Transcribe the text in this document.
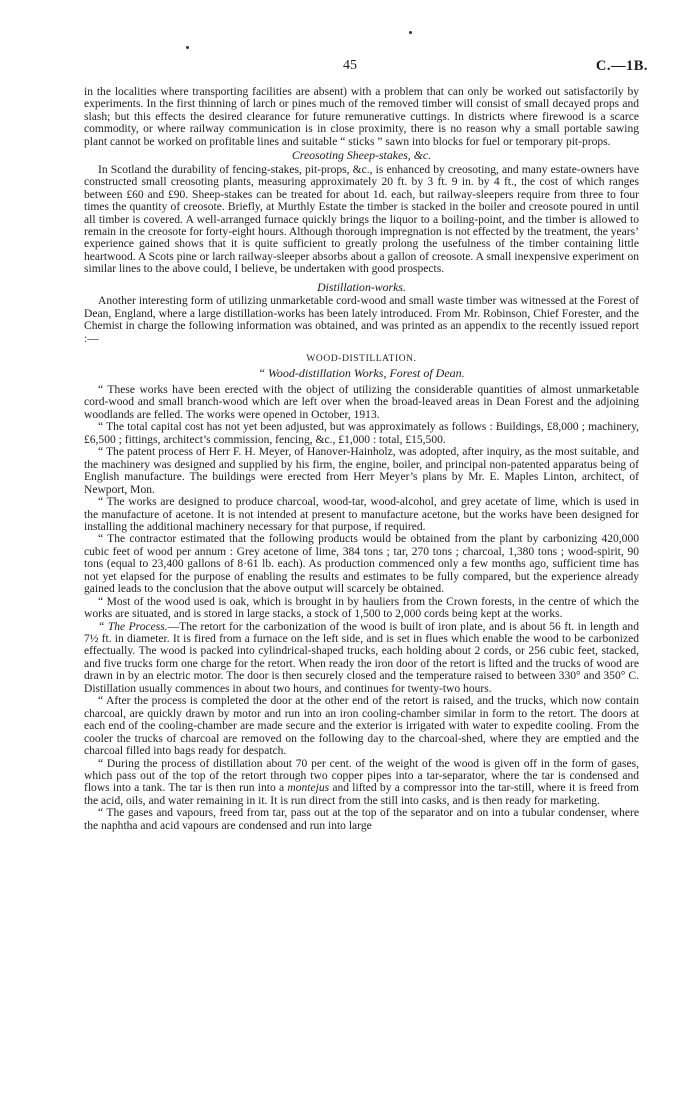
45	C.—1B.

in the localities where transporting facilities are absent) with a problem that can only be worked out satisfactorily by experiments. In the first thinning of larch or pines much of the removed timber will consist of small decayed props and slash; but this effects the desired clearance for future remunerative cuttings. In districts where firewood is a scarce commodity, or where railway communication is in close proximity, there is no reason why a small portable sawing plant cannot be worked on profitable lines and suitable “ sticks ” sawn into blocks for fuel or temporary pit-props.

Creosoting Sheep-stakes, &c.

In Scotland the durability of fencing-stakes, pit-props, &c., is enhanced by creosoting, and many estate-owners have constructed small creosoting plants, measuring approximately 20 ft. by 3 ft. 9 in. by 4 ft., the cost of which ranges between £60 and £90. Sheep-stakes can be treated for about 1d. each, but railway-sleepers require from three to four times the quantity of creosote. Briefly, at Murthly Estate the timber is stacked in the boiler and creosote poured in until all timber is covered. A well-arranged furnace quickly brings the liquor to a boiling-point, and the timber is allowed to remain in the creosote for forty-eight hours. Although thorough impregnation is not effected by the treatment, the years’ experience gained shows that it is quite sufficient to greatly prolong the usefulness of the timber containing little heartwood. A Scots pine or larch railway-sleeper absorbs about a gallon of creosote. A small inexpensive experiment on similar lines to the above could, I believe, be undertaken with good prospects.

Distillation-works.

Another interesting form of utilizing unmarketable cord-wood and small waste timber was witnessed at the Forest of Dean, England, where a large distillation-works has been lately introduced. From Mr. Robinson, Chief Forester, and the Chemist in charge the following information was obtained, and was printed as an appendix to the recently issued report :—

WOOD-DISTILLATION.
“ Wood-distillation Works, Forest of Dean.

“ These works have been erected with the object of utilizing the considerable quantities of almost unmarketable cord-wood and small branch-wood which are left over when the broad-leaved areas in Dean Forest and the adjoining woodlands are felled. The works were opened in October, 1913.

“ The total capital cost has not yet been adjusted, but was approximately as follows : Buildings, £8,000 ; machinery, £6,500 ; fittings, architect’s commission, fencing, &c., £1,000 : total, £15,500.

“ The patent process of Herr F. H. Meyer, of Hanover-Hainholz, was adopted, after inquiry, as the most suitable, and the machinery was designed and supplied by his firm, the engine, boiler, and principal non-patented apparatus being of English manufacture. The buildings were erected from Herr Meyer’s plans by Mr. E. Maples Linton, architect, of Newport, Mon.

“ The works are designed to produce charcoal, wood-tar, wood-alcohol, and grey acetate of lime, which is used in the manufacture of acetone. It is not intended at present to manufacture acetone, but the works have been designed for installing the additional machinery necessary for that purpose, if required.

“ The contractor estimated that the following products would be obtained from the plant by carbonizing 420,000 cubic feet of wood per annum : Grey acetone of lime, 384 tons ; tar, 270 tons ; charcoal, 1,380 tons ; wood-spirit, 90 tons (equal to 23,400 gallons of 8·61 lb. each). As production commenced only a few months ago, sufficient time has not yet elapsed for the purpose of enabling the results and estimates to be fully compared, but the experience already gained leads to the conclusion that the above output will scarcely be obtained.

“ Most of the wood used is oak, which is brought in by hauliers from the Crown forests, in the centre of which the works are situated, and is stored in large stacks, a stock of 1,500 to 2,000 cords being kept at the works.

“ The Process.—The retort for the carbonization of the wood is built of iron plate, and is about 56 ft. in length and 7½ ft. in diameter. It is fired from a furnace on the left side, and is set in flues which enable the wood to be carbonized effectually. The wood is packed into cylindrical-shaped trucks, each holding about 2 cords, or 256 cubic feet, stacked, and five trucks form one charge for the retort. When ready the iron door of the retort is lifted and the trucks of wood are drawn in by an electric motor. The door is then securely closed and the temperature raised to between 330° and 350° C. Distillation usually commences in about two hours, and continues for twenty-two hours.

“ After the process is completed the door at the other end of the retort is raised, and the trucks, which now contain charcoal, are quickly drawn by motor and run into an iron cooling-chamber similar in form to the retort. The doors at each end of the cooling-chamber are made secure and the exterior is irrigated with water to expedite cooling. From the cooler the trucks of charcoal are removed on the following day to the charcoal-shed, where they are emptied and the charcoal filled into bags ready for despatch.

“ During the process of distillation about 70 per cent. of the weight of the wood is given off in the form of gases, which pass out of the top of the retort through two copper pipes into a tar-separator, where the tar is condensed and flows into a tank. The tar is then run into a montejus and lifted by a compressor into the tar-still, where it is freed from the acid, oils, and water remaining in it. It is run direct from the still into casks, and is then ready for marketing.

“ The gases and vapours, freed from tar, pass out at the top of the separator and on into a tubular condenser, where the naphtha and acid vapours are condensed and run into large
